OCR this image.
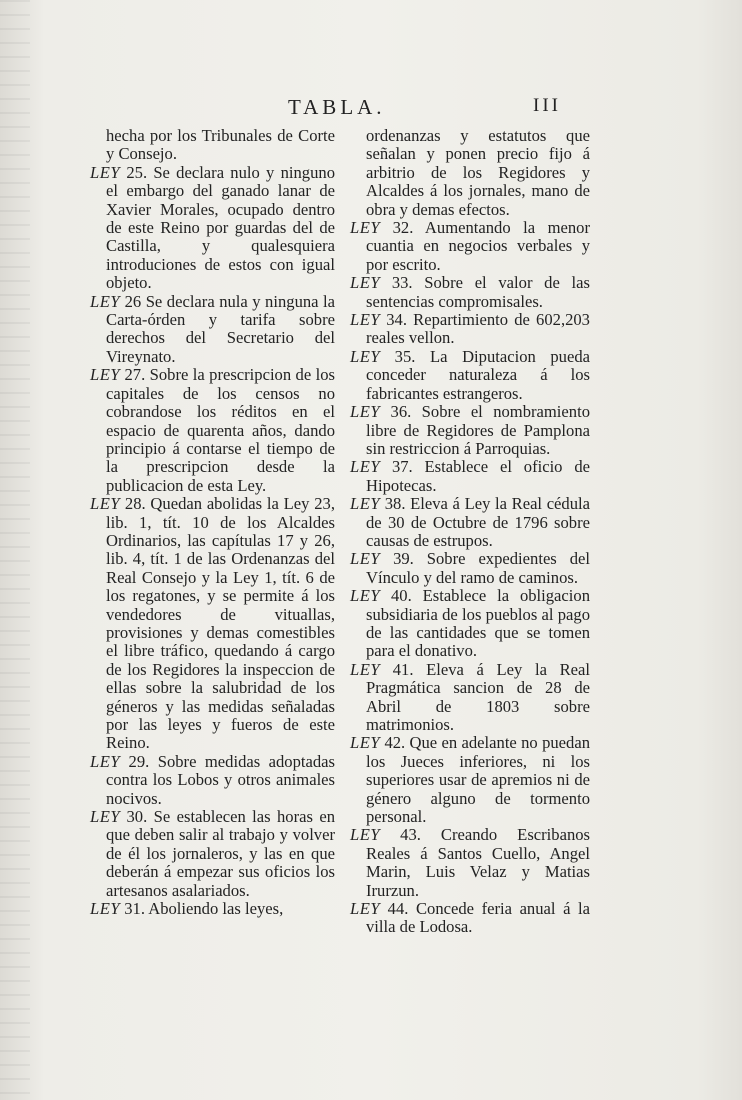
TABLA.	III

hecha por los Tribunales de Corte y Consejo.

LEY 25. Se declara nulo y ninguno el embargo del ganado lanar de Xavier Morales, ocupado dentro de este Reino por guardas del de Castilla, y qualesquiera introduciones de estos con igual objeto.

LEY 26 Se declara nula y ninguna la Carta-órden y tarifa sobre derechos del Secretario del Vireynato.

LEY 27. Sobre la prescripcion de los capitales de los censos no cobrandose los réditos en el espacio de quarenta años, dando principio á contarse el tiempo de la prescripcion desde la publicacion de esta Ley.

LEY 28. Quedan abolidas la Ley 23, lib. 1, tít. 10 de los Alcaldes Ordinarios, las capítulas 17 y 26, lib. 4, tít. 1 de las Ordenanzas del Real Consejo y la Ley 1, tít. 6 de los regatones, y se permite á los vendedores de vituallas, provisiones y demas comestibles el libre tráfico, quedando á cargo de los Regidores la inspeccion de ellas sobre la salubridad de los géneros y las medidas señaladas por las leyes y fueros de este Reino.

LEY 29. Sobre medidas adoptadas contra los Lobos y otros animales nocivos.

LEY 30. Se establecen las horas en que deben salir al trabajo y volver de él los jornaleros, y las en que deberán á empezar sus oficios los artesanos asalariados.

LEY 31. Aboliendo las leyes,

ordenanzas y estatutos que señalan y ponen precio fijo á arbitrio de los Regidores y Alcaldes á los jornales, mano de obra y demas efectos.

LEY 32. Aumentando la menor cuantia en negocios verbales y por escrito.

LEY 33. Sobre el valor de las sentencias compromisales.

LEY 34. Repartimiento de 602,203 reales vellon.

LEY 35. La Diputacion pueda conceder naturaleza á los fabricantes estrangeros.

LEY 36. Sobre el nombramiento libre de Regidores de Pamplona sin restriccion á Parroquias.

LEY 37. Establece el oficio de Hipotecas.

LEY 38. Eleva á Ley la Real cédula de 30 de Octubre de 1796 sobre causas de estrupos.

LEY 39. Sobre expedientes del Vínculo y del ramo de caminos.

LEY 40. Establece la obligacion subsidiaria de los pueblos al pago de las cantidades que se tomen para el donativo.

LEY 41. Eleva á Ley la Real Pragmática sancion de 28 de Abril de 1803 sobre matrimonios.

LEY 42. Que en adelante no puedan los Jueces inferiores, ni los superiores usar de apremios ni de género alguno de tormento personal.

LEY 43. Creando Escribanos Reales á Santos Cuello, Angel Marin, Luis Velaz y Matias Irurzun.

LEY 44. Concede feria anual á la villa de Lodosa.
